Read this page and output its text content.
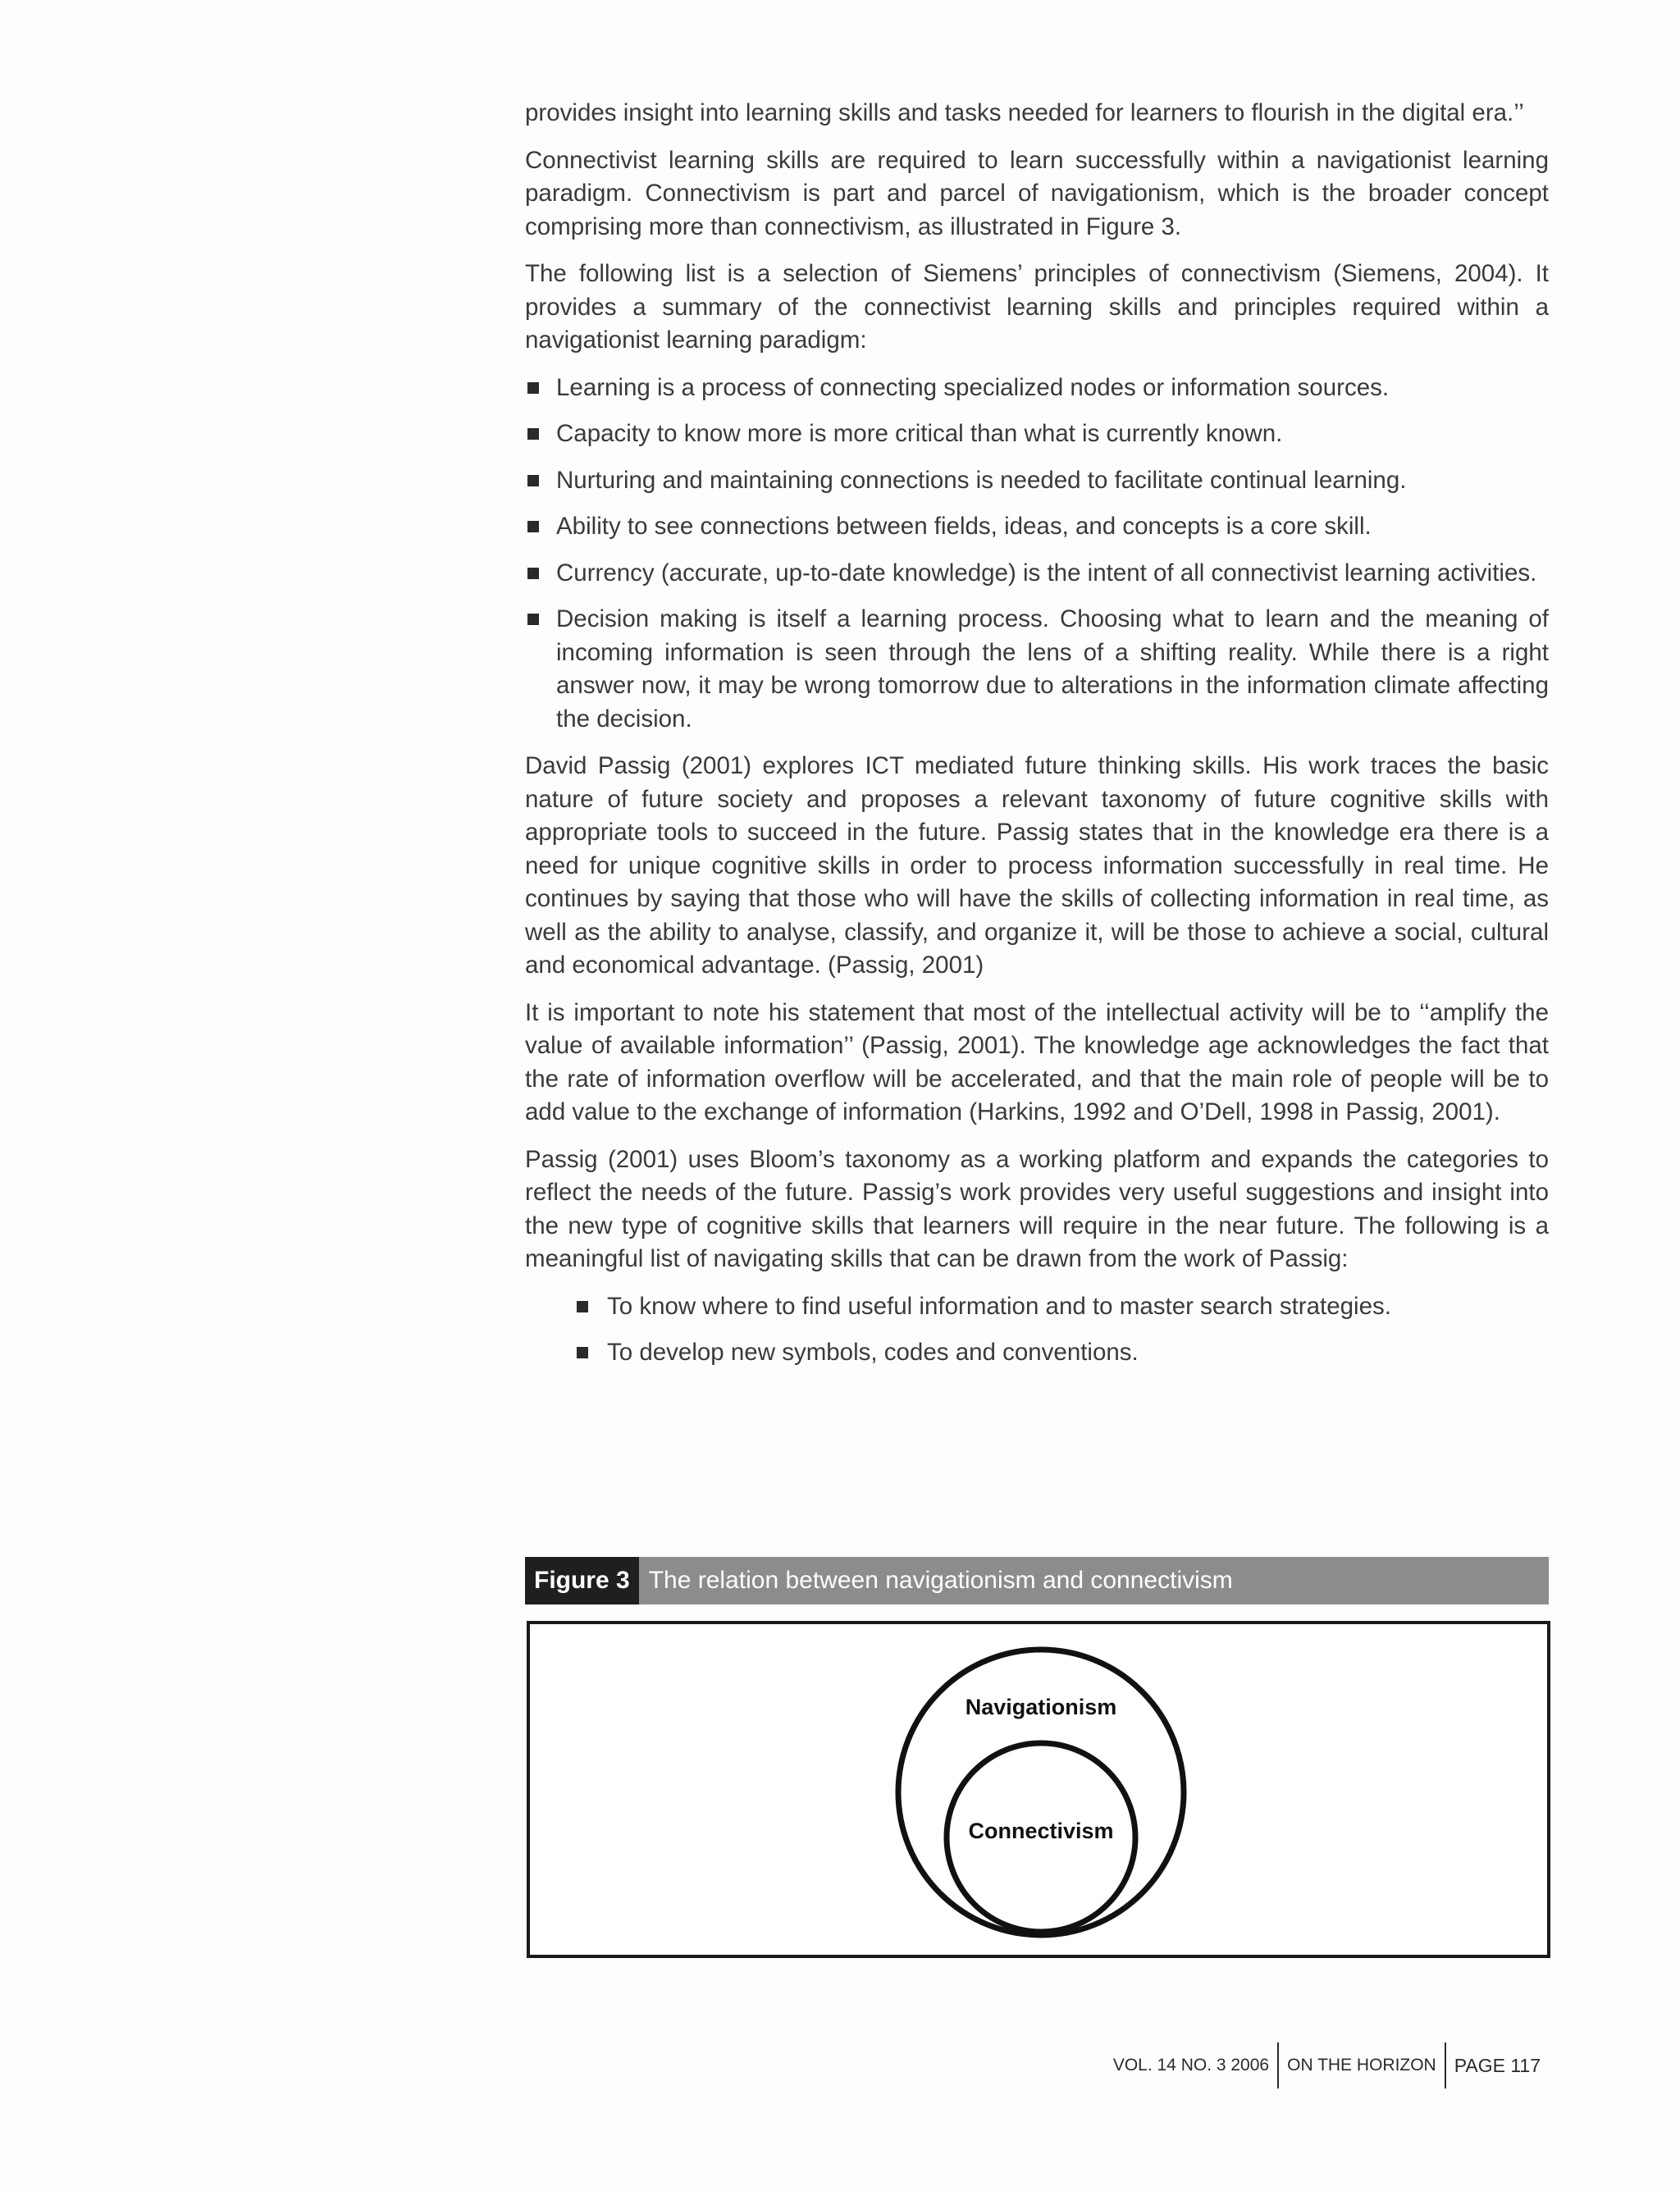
provides insight into learning skills and tasks needed for learners to flourish in the digital era.’’

Connectivist learning skills are required to learn successfully within a navigationist learning paradigm. Connectivism is part and parcel of navigationism, which is the broader concept comprising more than connectivism, as illustrated in Figure 3.

The following list is a selection of Siemens’ principles of connectivism (Siemens, 2004). It provides a summary of the connectivist learning skills and principles required within a navigationist learning paradigm:

Learning is a process of connecting specialized nodes or information sources.
Capacity to know more is more critical than what is currently known.
Nurturing and maintaining connections is needed to facilitate continual learning.
Ability to see connections between fields, ideas, and concepts is a core skill.
Currency (accurate, up-to-date knowledge) is the intent of all connectivist learning activities.
Decision making is itself a learning process. Choosing what to learn and the meaning of incoming information is seen through the lens of a shifting reality. While there is a right answer now, it may be wrong tomorrow due to alterations in the information climate affecting the decision.

David Passig (2001) explores ICT mediated future thinking skills. His work traces the basic nature of future society and proposes a relevant taxonomy of future cognitive skills with appropriate tools to succeed in the future. Passig states that in the knowledge era there is a need for unique cognitive skills in order to process information successfully in real time. He continues by saying that those who will have the skills of collecting information in real time, as well as the ability to analyse, classify, and organize it, will be those to achieve a social, cultural and economical advantage. (Passig, 2001)

It is important to note his statement that most of the intellectual activity will be to ‘‘amplify the value of available information’’ (Passig, 2001). The knowledge age acknowledges the fact that the rate of information overflow will be accelerated, and that the main role of people will be to add value to the exchange of information (Harkins, 1992 and O’Dell, 1998 in Passig, 2001).

Passig (2001) uses Bloom’s taxonomy as a working platform and expands the categories to reflect the needs of the future. Passig’s work provides very useful suggestions and insight into the new type of cognitive skills that learners will require in the near future. The following is a meaningful list of navigating skills that can be drawn from the work of Passig:

To know where to find useful information and to master search strategies.
To develop new symbols, codes and conventions.
Figure 3 The relation between navigationism and connectivism
Navigationism
Connectivism
VOL. 14 NO. 3 2006	ON THE HORIZON PAGE 117
